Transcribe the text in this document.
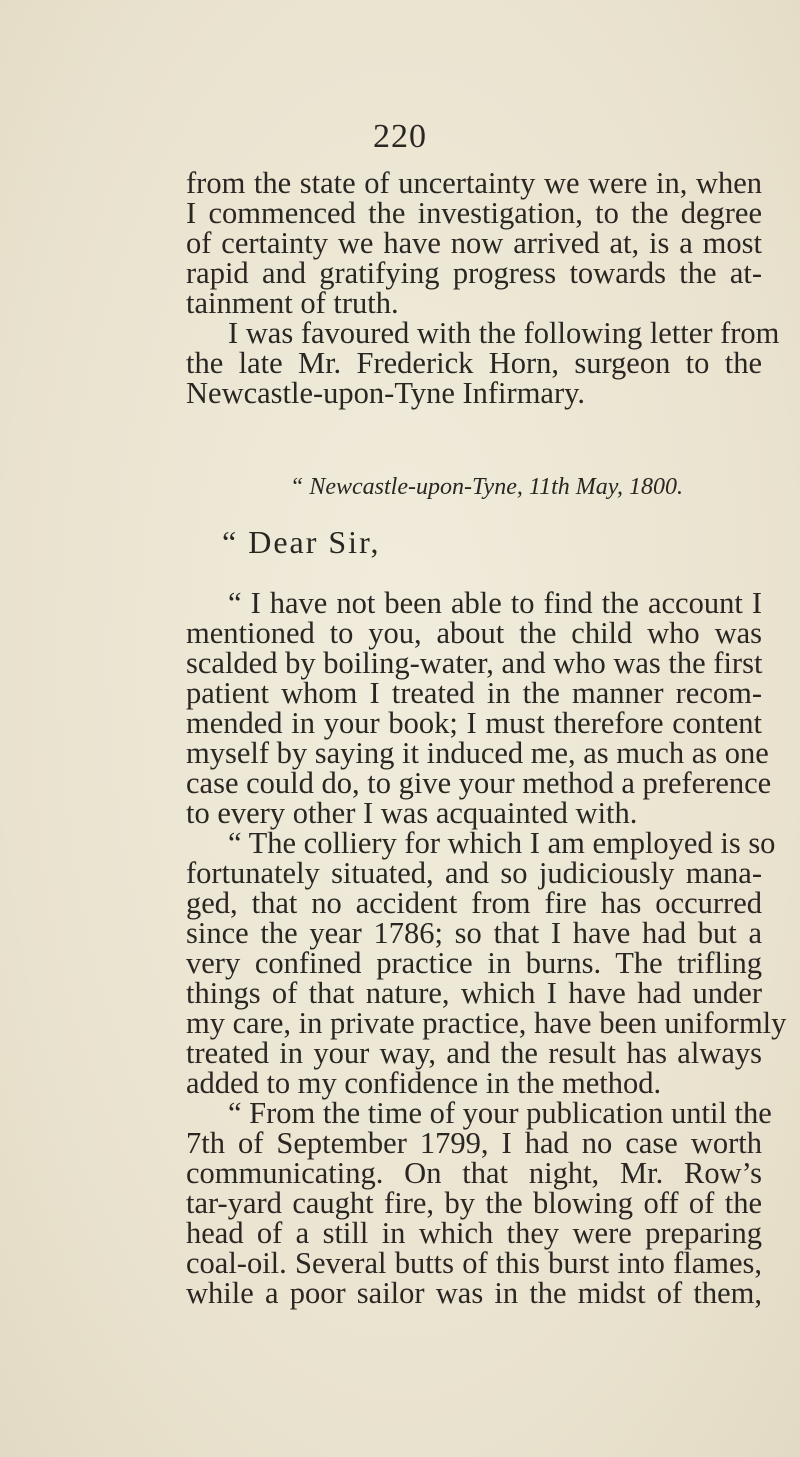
220
from the state of uncertainty we were in, when
I commenced the investigation, to the degree
of certainty we have now arrived at, is a most
rapid and gratifying progress towards the at-
tainment of truth.
I was favoured with the following letter from
the late Mr. Frederick Horn, surgeon to the
Newcastle-upon-Tyne Infirmary.
“ Newcastle-upon-Tyne, 11th May, 1800.
“ Dear Sir,
“ I have not been able to find the account I
mentioned to you, about the child who was
scalded by boiling-water, and who was the first
patient whom I treated in the manner recom-
mended in your book; I must therefore content
myself by saying it induced me, as much as one
case could do, to give your method a preference
to every other I was acquainted with.
“ The colliery for which I am employed is so
fortunately situated, and so judiciously mana-
ged, that no accident from fire has occurred
since the year 1786; so that I have had but a
very confined practice in burns. The trifling
things of that nature, which I have had under
my care, in private practice, have been uniformly
treated in your way, and the result has always
added to my confidence in the method.
“ From the time of your publication until the
7th of September 1799, I had no case worth
communicating. On that night, Mr. Row’s
tar-yard caught fire, by the blowing off of the
head of a still in which they were preparing
coal-oil. Several butts of this burst into flames,
while a poor sailor was in the midst of them,
